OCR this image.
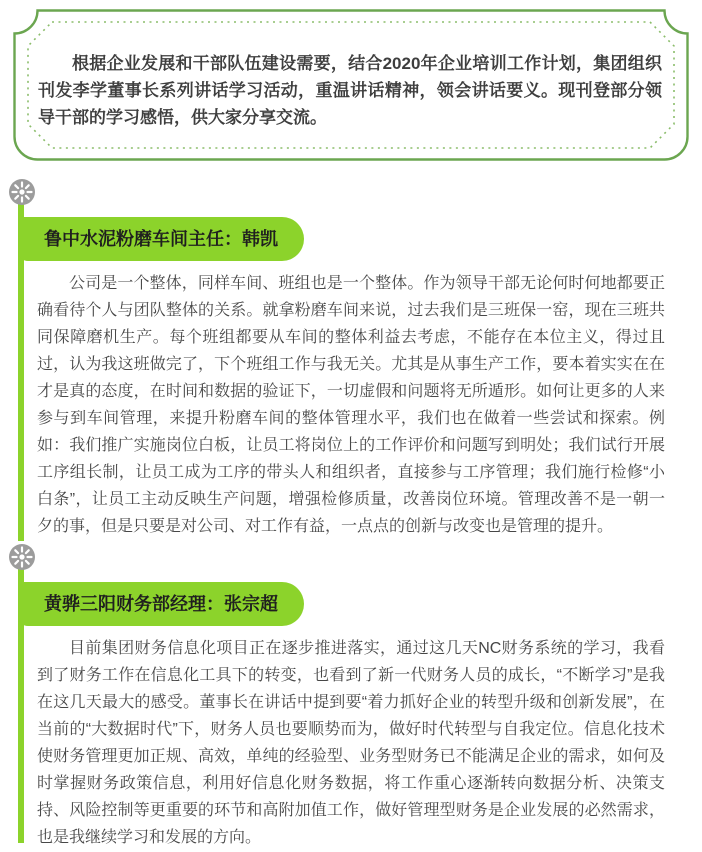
根据企业发展和干部队伍建设需要，结合2020年企业培训工作计划，集团组织刊发李学董事长系列讲话学习活动，重温讲话精神，领会讲话要义。现刊登部分领导干部的学习感悟，供大家分享交流。
鲁中水泥粉磨车间主任：韩凯
公司是一个整体，同样车间、班组也是一个整体。作为领导干部无论何时何地都要正确看待个人与团队整体的关系。就拿粉磨车间来说，过去我们是三班保一窑，现在三班共同保障磨机生产。每个班组都要从车间的整体利益去考虑，不能存在本位主义，得过且过，认为我这班做完了，下个班组工作与我无关。尤其是从事生产工作，要本着实实在在才是真的态度，在时间和数据的验证下，一切虚假和问题将无所遁形。如何让更多的人来参与到车间管理，来提升粉磨车间的整体管理水平，我们也在做着一些尝试和探索。例如：我们推广实施岗位白板，让员工将岗位上的工作评价和问题写到明处；我们试行开展工序组长制，让员工成为工序的带头人和组织者，直接参与工序管理；我们施行检修“小白条”，让员工主动反映生产问题，增强检修质量，改善岗位环境。管理改善不是一朝一夕的事，但是只要是对公司、对工作有益，一点点的创新与改变也是管理的提升。
黄骅三阳财务部经理：张宗超
目前集团财务信息化项目正在逐步推进落实，通过这几天NC财务系统的学习，我看到了财务工作在信息化工具下的转变，也看到了新一代财务人员的成长，“不断学习”是我在这几天最大的感受。董事长在讲话中提到要“着力抓好企业的转型升级和创新发展”，在当前的“大数据时代”下，财务人员也要顺势而为，做好时代转型与自我定位。信息化技术使财务管理更加正规、高效，单纯的经验型、业务型财务已不能满足企业的需求，如何及时掌握财务政策信息，利用好信息化财务数据，将工作重心逐渐转向数据分析、决策支持、风险控制等更重要的环节和高附加值工作，做好管理型财务是企业发展的必然需求，也是我继续学习和发展的方向。
